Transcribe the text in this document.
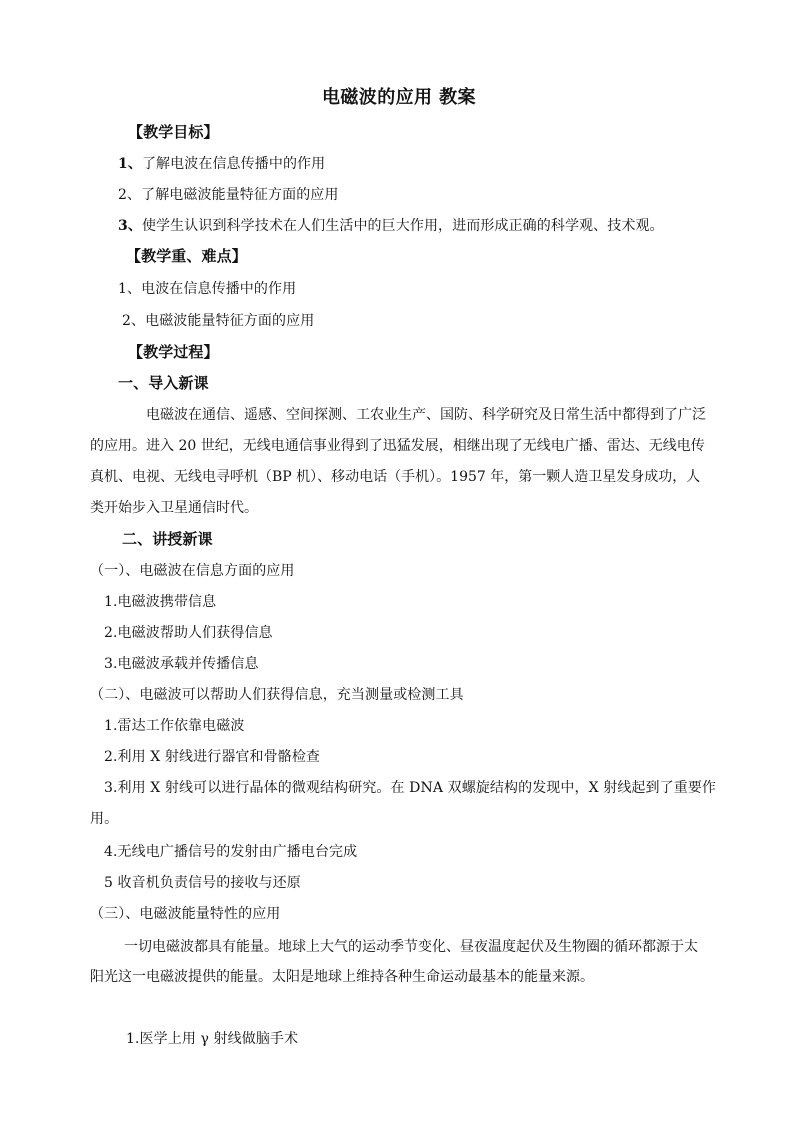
电磁波的应用 教案
【教学目标】
1、了解电波在信息传播中的作用
2、了解电磁波能量特征方面的应用
3、使学生认识到科学技术在人们生活中的巨大作用，进而形成正确的科学观、技术观。
【教学重、难点】
1、电波在信息传播中的作用
2、电磁波能量特征方面的应用
【教学过程】
一、导入新课
电磁波在通信、遥感、空间探测、工农业生产、国防、科学研究及日常生活中都得到了广泛
的应用。进入 20 世纪，无线电通信事业得到了迅猛发展，相继出现了无线电广播、雷达、无线电传
真机、电视、无线电寻呼机（BP 机）、移动电话（手机）。1957 年，第一颗人造卫星发身成功，人
类开始步入卫星通信时代。
二、讲授新课
（一）、电磁波在信息方面的应用
1.电磁波携带信息
2.电磁波帮助人们获得信息
3.电磁波承载并传播信息
（二）、电磁波可以帮助人们获得信息，充当测量或检测工具
1.雷达工作依靠电磁波
2.利用 X 射线进行器官和骨骼检查
3.利用 X 射线可以进行晶体的微观结构研究。在 DNA 双螺旋结构的发现中，X 射线起到了重要作
用。
4.无线电广播信号的发射由广播电台完成
5 收音机负责信号的接收与还原
（三）、电磁波能量特性的应用
一切电磁波都具有能量。地球上大气的运动季节变化、昼夜温度起伏及生物圈的循环都源于太
阳光这一电磁波提供的能量。太阳是地球上维持各种生命运动最基本的能量来源。
1.医学上用 γ 射线做脑手术
